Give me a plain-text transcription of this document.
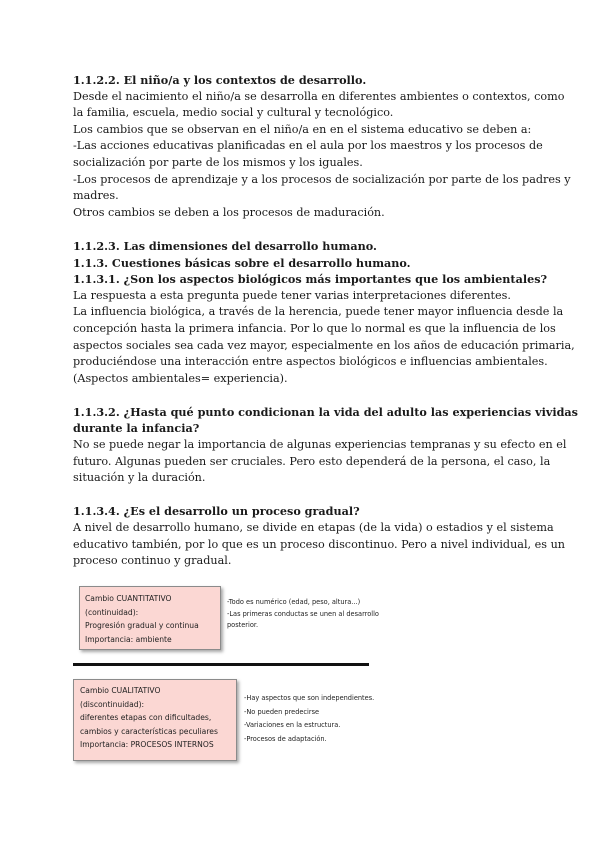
1.1.2.2. El niño/a y los contextos de desarrollo.

Desde el nacimiento el niño/a se desarrolla en diferentes ambientes o contextos, como

la familia, escuela, medio social y cultural y tecnológico.

Los cambios que se observan en el niño/a en en el sistema educativo se deben a:

-Las acciones educativas planificadas en el aula por los maestros y los procesos de

socialización por parte de los mismos y los iguales.

-Los procesos de aprendizaje y a los procesos de socialización por parte de los padres y

madres.

Otros cambios se deben a los procesos de maduración.

1.1.2.3. Las dimensiones del desarrollo humano.

1.1.3. Cuestiones básicas sobre el desarrollo humano.

1.1.3.1. ¿Son los aspectos biológicos más importantes que los ambientales?

La respuesta a esta pregunta puede tener varias interpretaciones diferentes.

La influencia biológica, a través de la herencia, puede tener mayor influencia desde la

concepción hasta la primera infancia. Por lo que lo normal es que la influencia de los

aspectos sociales sea cada vez mayor, especialmente en los años de educación primaria,

produciéndose una interacción entre aspectos biológicos e influencias ambientales.

(Aspectos ambientales= experiencia).

1.1.3.2. ¿Hasta qué punto condicionan la vida del adulto las experiencias vividas

durante la infancia?

No se puede negar la importancia de algunas experiencias tempranas y su efecto en el

futuro. Algunas pueden ser cruciales. Pero esto dependerá de la persona, el caso, la

situación y la duración.

1.1.3.4. ¿Es el desarrollo un proceso gradual?

A nivel de desarrollo humano, se divide en etapas (de la vida) o estadios y el sistema

educativo también, por lo que es un proceso discontinuo. Pero a nivel individual, es un

proceso continuo y gradual.

Cambio CUANTITATIVO
(continuidad):
Progresión gradual y continua
Importancia: ambiente
-Todo es numérico (edad, peso, altura...)
-Las primeras conductas se unen al desarrollo
posterior.
Cambio CUALITATIVO
(discontinuidad):
diferentes etapas con dificultades,
cambios y características peculiares
Importancia: PROCESOS INTERNOS
-Hay aspectos que son independientes.
-No pueden predecirse
-Variaciones en la estructura.
-Procesos de adaptación.
